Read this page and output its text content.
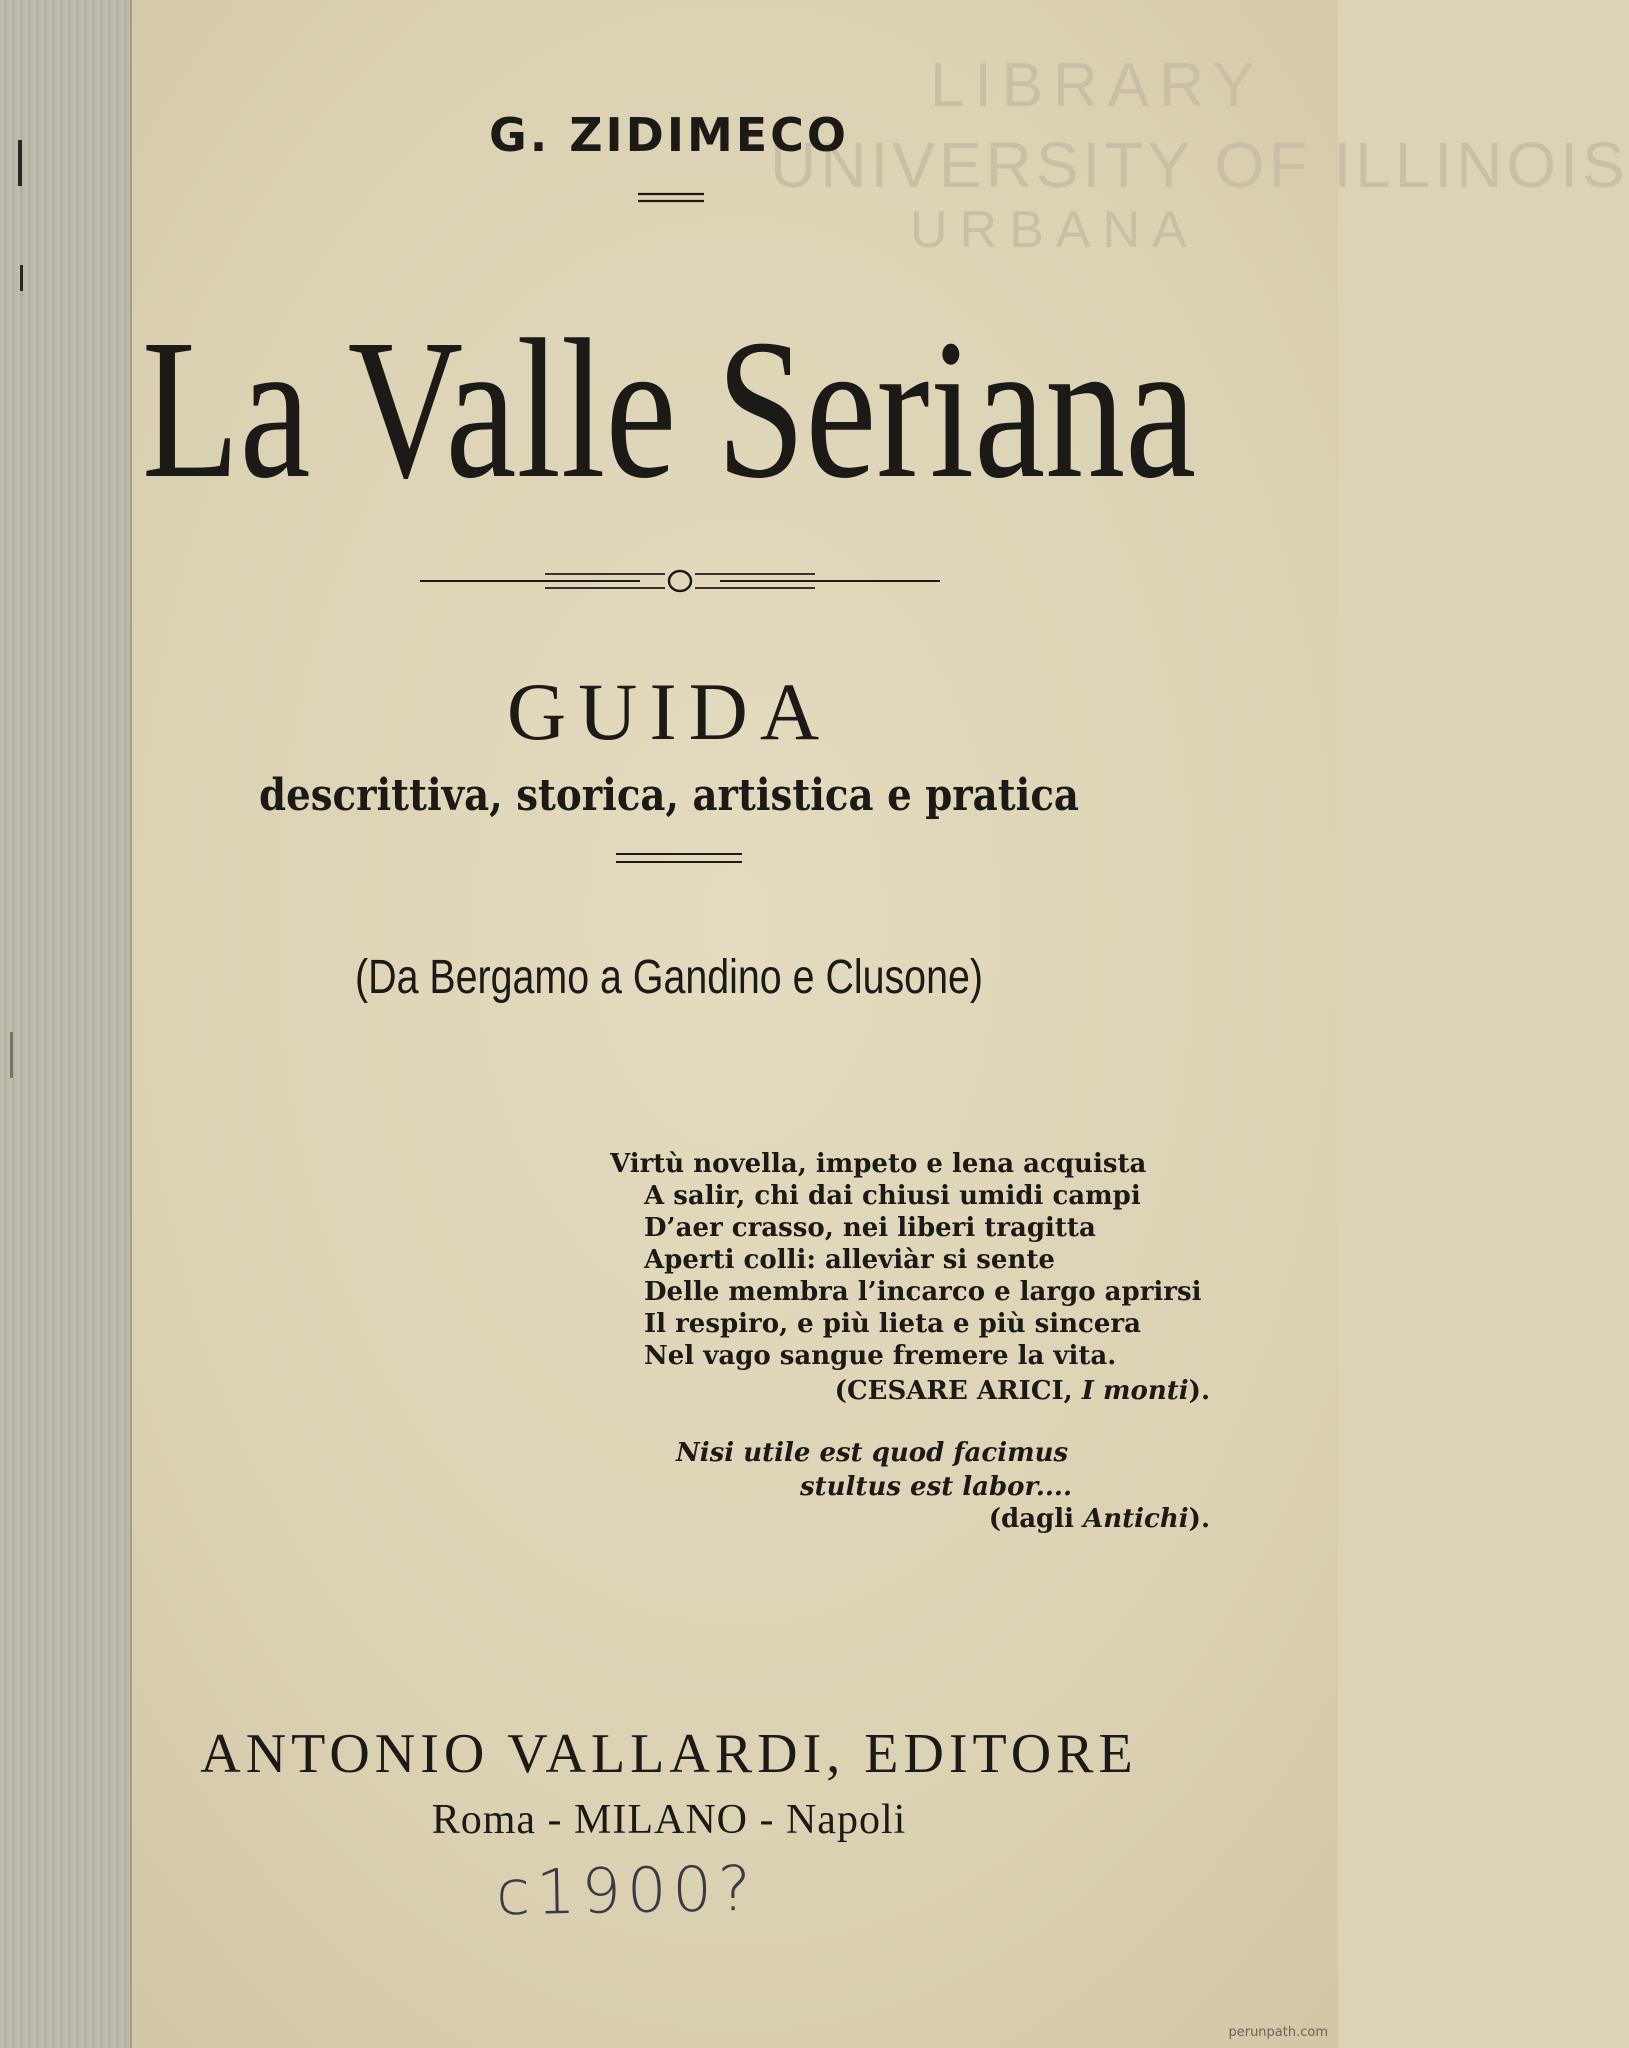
LIBRARY
UNIVERSITY OF ILLINOIS
URBANA
G. ZIDIMECO
La Valle Seriana
GUIDA
descrittiva, storica, artistica e pratica
(Da Bergamo a Gandino e Clusone)
Virtù novella, impeto e lena acquista
A salir, chi dai chiusi umidi campi
D’aer crasso, nei liberi tragitta
Aperti colli: alleviàr si sente
Delle membra l’incarco e largo aprirsi
Il respiro, e più lieta e più sincera
Nel vago sangue fremere la vita.
(CESARE ARICI, I monti).
Nisi utile est quod facimus
stultus est labor....
(dagli Antichi).
ANTONIO VALLARDI, EDITORE
Roma - MILANO - Napoli
c1900?
perunpath.com
